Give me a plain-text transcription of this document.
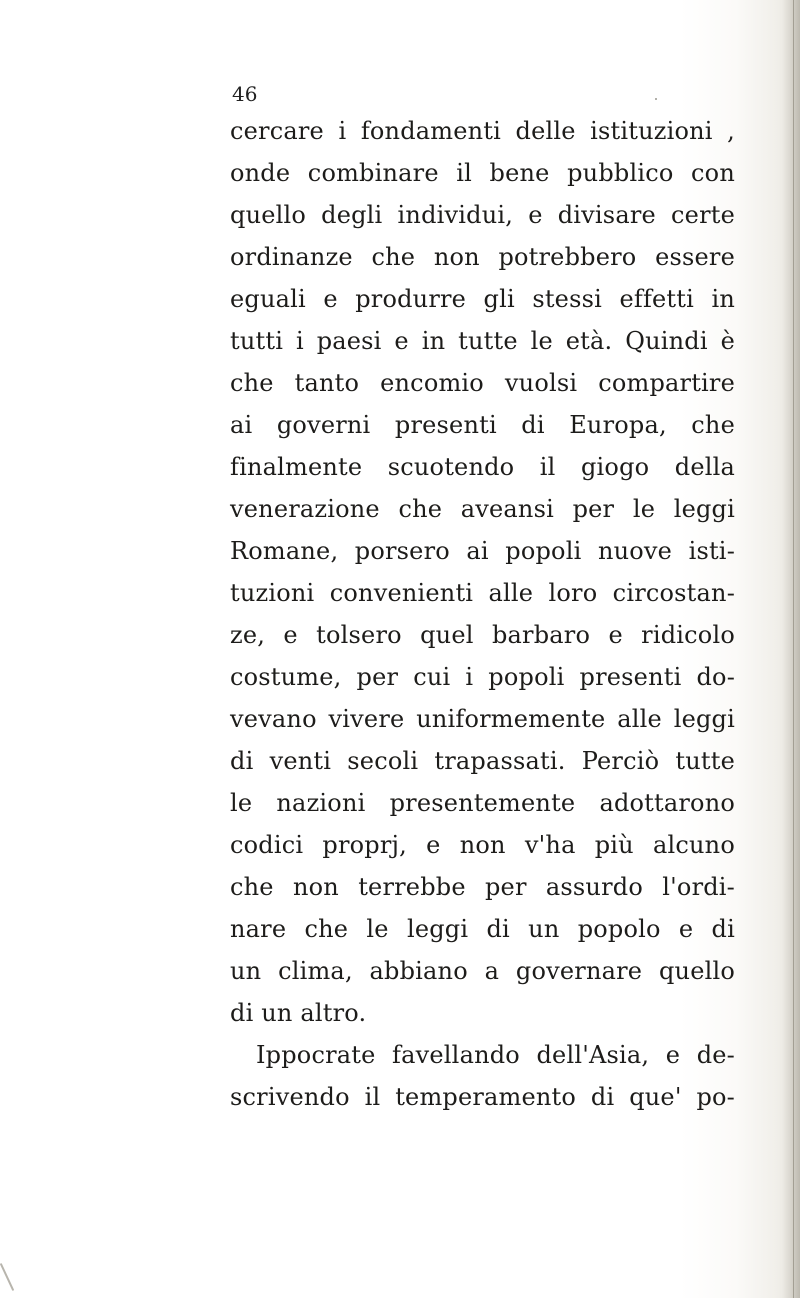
46
cercare i fondamenti delle istituzioni ,
onde combinare il bene pubblico con
quello degli individui, e divisare certe
ordinanze che non potrebbero essere
eguali e produrre gli stessi effetti in
tutti i paesi e in tutte le età. Quindi è
che tanto encomio vuolsi compartire
ai governi presenti di Europa, che
finalmente scuotendo il giogo della
venerazione che aveansi per le leggi
Romane, porsero ai popoli nuove isti-
tuzioni convenienti alle loro circostan-
ze, e tolsero quel barbaro e ridicolo
costume, per cui i popoli presenti do-
vevano vivere uniformemente alle leggi
di venti secoli trapassati. Perciò tutte
le nazioni presentemente adottarono
codici proprj, e non v'ha più alcuno
che non terrebbe per assurdo l'ordi-
nare che le leggi di un popolo e di
un clima, abbiano a governare quello
di un altro.
Ippocrate favellando dell'Asia, e de-
scrivendo il temperamento di que' po-
